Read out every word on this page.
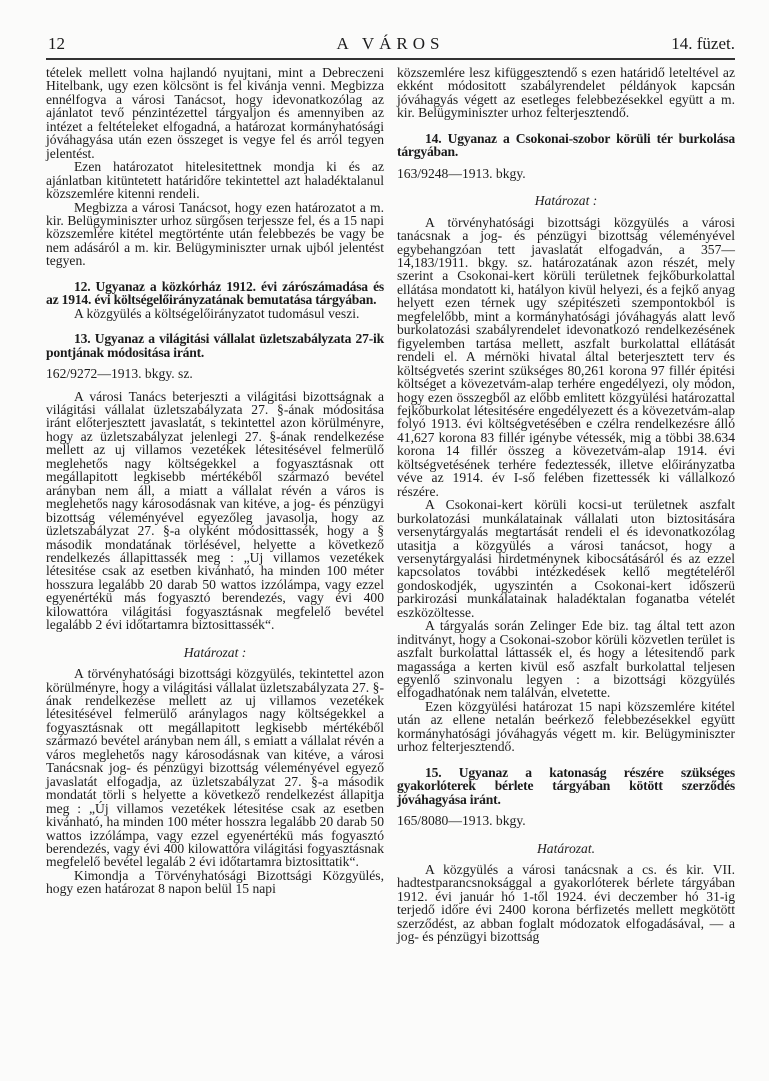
12	A VÁROS	14. füzet.

tételek mellett volna hajlandó nyujtani, mint a Debreczeni Hitelbank, ugy ezen kölcsönt is fel kivánja venni. Megbizza ennélfogva a városi Tanácsot, hogy idevonatkozólag az ajánlatot tevő pénzintézettel tárgyaljon és amennyiben az intézet a feltételeket elfogadná, a határozat kormányhatósági jóváhagyása után ezen összeget is vegye fel és arról tegyen jelentést.

Ezen határozatot hitelesitettnek mondja ki és az ajánlatban kitüntetett határidőre tekintettel azt haladéktalanul közszemlére kitenni rendeli.

Megbizza a városi Tanácsot, hogy ezen határozatot a m. kir. Belügyminiszter urhoz sürgősen terjessze fel, és a 15 napi közszemlére kitétel megtörténte után felebbezés be vagy be nem adásáról a m. kir. Belügyminiszter urnak ujból jelentést tegyen.

12. Ugyanaz a közkórház 1912. évi zárószámadása és az 1914. évi költségelőirányzatának bemutatása tárgyában.

A közgyülés a költségelőirányzatot tudomásul veszi.

13. Ugyanaz a világitási vállalat üzletszabályzata 27-ik pontjának módositása iránt.

162/9272—1913. bkgy. sz.

A városi Tanács beterjeszti a világitási bizottságnak a világitási vállalat üzletszabályzata 27. §-ának módositása iránt előterjesztett javaslatát, s tekintettel azon körülményre, hogy az üzletszabályzat jelenlegi 27. §-ának rendelkezése mellett az uj villamos vezetékek létesitésével felmerülő meglehetős nagy költségekkel a fogyasztásnak ott megállapitott legkisebb mértékéből származó bevétel arányban nem áll, a miatt a vállalat révén a város is meglehetős nagy károsodásnak van kitéve, a jog- és pénzügyi bizottság véleményével egyezőleg javasolja, hogy az üzletszabályzat 27. §-a olyként módosittassék, hogy a § második mondatának törlésével, helyette a következő rendelkezés állapittassék meg : „Uj villamos vezetékek létesitése csak az esetben kivánható, ha minden 100 méter hosszura legalább 20 darab 50 wattos izzólámpa, vagy ezzel egyenértékü más fogyasztó berendezés, vagy évi 400 kilowattóra világitási fogyasztásnak megfelelő bevétel legalább 2 évi időtartamra biztosittassék“.

Határozat :

A törvényhatósági bizottsági közgyülés, tekintettel azon körülményre, hogy a világitási vállalat üzletszabályzata 27. §-ának rendelkezése mellett az uj villamos vezetékek létesitésével felmerülő aránylagos nagy költségekkel a fogyasztásnak ott megállapitott legkisebb mértékéből származó bevétel arányban nem áll, s emiatt a vállalat révén a város meglehetős nagy károsodásnak van kitéve, a városi Tanácsnak jog- és pénzügyi bizottság véleményével egyező javaslatát elfogadja, az üzletszabályzat 27. §-a második mondatát törli s helyette a következő rendelkezést állapitja meg : „Új villamos vezetékek létesitése csak az esetben kivánható, ha minden 100 méter hosszra legalább 20 darab 50 wattos izzólámpa, vagy ezzel egyenértékü más fogyasztó berendezés, vagy évi 400 kilowattóra világitási fogyasztásnak megfelelő bevétel legaláb 2 évi időtartamra biztosittatik“.

Kimondja a Törvényhatósági Bizottsági Közgyülés, hogy ezen határozat 8 napon belül 15 napi

közszemlére lesz kifüggesztendő s ezen határidő leteltével az ekként módositott szabályrendelet példányok kapcsán jóváhagyás végett az esetleges felebbezésekkel együtt a m. kir. Belügyminiszter urhoz felterjesztendő.

14. Ugyanaz a Csokonai-szobor körüli tér burkolása tárgyában.

163/9248—1913. bkgy.

Határozat :

A törvényhatósági bizottsági közgyülés a városi tanácsnak a jog- és pénzügyi bizottság véleményével egybehangzóan tett javaslatát elfogadván, a 357—14,183/1911. bkgy. sz. határozatának azon részét, mely szerint a Csokonai-kert körüli területnek fejkőburkolattal ellátása mondatott ki, hatályon kivül helyezi, és a fejkő anyag helyett ezen térnek ugy szépitészeti szempontokból is megfelelőbb, mint a kormányhatósági jóváhagyás alatt levő burkolatozási szabályrendelet idevonatkozó rendelkezésének figyelemben tartása mellett, aszfalt burkolattal ellátását rendeli el. A mérnöki hivatal által beterjesztett terv és költségvetés szerint szükséges 80,261 korona 97 fillér épitési költséget a kövezetvám-alap terhére engedélyezi, oly módon, hogy ezen összegből az előbb emlitett közgyülési határozattal fejkőburkolat létesitésére engedélyezett és a kövezetvám-alap folyó 1913. évi költségvetésében e czélra rendelkezésre álló 41,627 korona 83 fillér igénybe vétessék, mig a többi 38.634 korona 14 fillér összeg a kövezetvám-alap 1914. évi költségvetésének terhére fedeztessék, illetve előirányzatba véve az 1914. év I-ső felében fizettessék ki vállalkozó részére.

A Csokonai-kert körüli kocsi-ut területnek aszfalt burkolatozási munkálatainak vállalati uton biztositására versenytárgyalás megtartását rendeli el és idevonatkozólag utasitja a közgyülés a városi tanácsot, hogy a versenytárgyalási hirdetménynek kibocsátásáról és az ezzel kapcsolatos további intézkedések kellő megtételéről gondoskodjék, ugyszintén a Csokonai-kert időszerü parkirozási munkálatainak haladéktalan foganatba vételét eszközöltesse.

A tárgyalás során Zelinger Ede biz. tag által tett azon inditványt, hogy a Csokonai-szobor körüli közvetlen terület is aszfalt burkolattal láttassék el, és hogy a létesitendő park magassága a kerten kivül eső aszfalt burkolattal teljesen egyenlő szinvonalu legyen : a bizottsági közgyülés elfogadhatónak nem találván, elvetette.

Ezen közgyülési határozat 15 napi közszemlére kitétel után az ellene netalán beérkező felebbezésekkel együtt kormányhatósági jóváhagyás végett m. kir. Belügyminiszter urhoz felterjesztendő.

15. Ugyanaz a katonaság részére szükséges gyakorlóterek bérlete tárgyában kötött szerződés jóváhagyása iránt.

165/8080—1913. bkgy.

Határozat.

A közgyülés a városi tanácsnak a cs. és kir. VII. hadtestparancsnoksággal a gyakorlóterek bérlete tárgyában 1912. évi január hó 1-től 1924. évi deczember hó 31-ig terjedő időre évi 2400 korona bérfizetés mellett megkötött szerződést, az abban foglalt módozatok elfogadásával, — a jog- és pénzügyi bizottság
